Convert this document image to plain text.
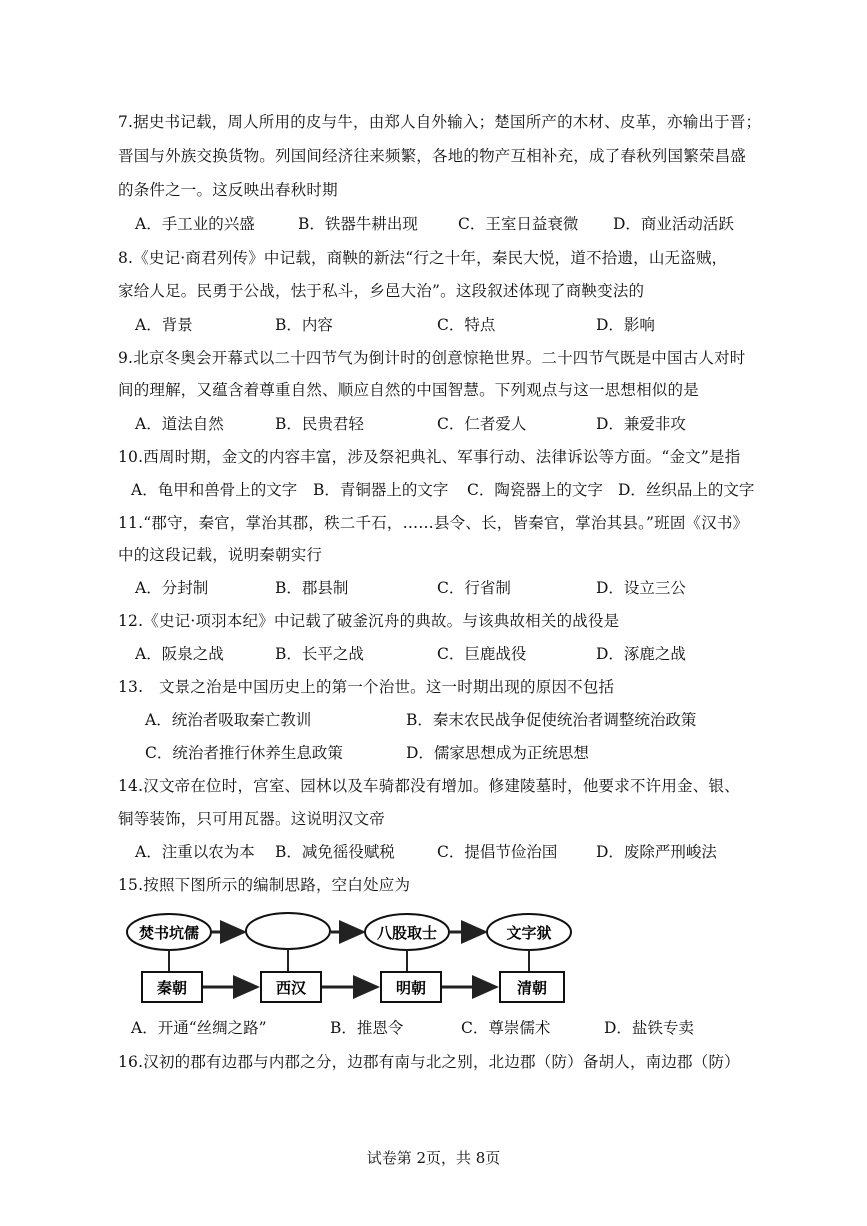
7.据史书记载，周人所用的皮与牛，由郑人自外输入；楚国所产的木材、皮革，亦输出于晋；
晋国与外族交换货物。列国间经济往来频繁，各地的物产互相补充，成了春秋列国繁荣昌盛
的条件之一。这反映出春秋时期
A．手工业的兴盛	B．铁器牛耕出现	C．王室日益衰微 D．商业活动活跃
8.《史记·商君列传》中记载，商鞅的新法“行之十年，秦民大悦，道不拾遗，山无盗贼，
家给人足。民勇于公战，怯于私斗，乡邑大治”。这段叙述体现了商鞅变法的
A．背景	B．内容	C．特点	D．影响
9.北京冬奥会开幕式以二十四节气为倒计时的创意惊艳世界。二十四节气既是中国古人对时
间的理解，又蕴含着尊重自然、顺应自然的中国智慧。下列观点与这一思想相似的是
A．道法自然	B．民贵君轻	C．仁者爱人	D．兼爱非攻
10.西周时期，金文的内容丰富，涉及祭祀典礼、军事行动、法律诉讼等方面。“金文”是指
A．龟甲和兽骨上的文字 B．青铜器上的文字 C．陶瓷器上的文字 D．丝织品上的文字
11.“郡守，秦官，掌治其郡，秩二千石，……县令、长，皆秦官，掌治其县。”班固《汉书》
中的这段记载，说明秦朝实行
A．分封制	B．郡县制	C．行省制	D．设立三公
12.《史记·项羽本纪》中记载了破釜沉舟的典故。与该典故相关的战役是
A．阪泉之战	B．长平之战	C．巨鹿战役	D．涿鹿之战
13.　文景之治是中国历史上的第一个治世。这一时期出现的原因不包括
A．统治者吸取秦亡教训	B．秦末农民战争促使统治者调整统治政策
C．统治者推行休养生息政策	D．儒家思想成为正统思想
14.汉文帝在位时，宫室、园林以及车骑都没有增加。修建陵墓时，他要求不许用金、银、
铜等装饰，只可用瓦器。这说明汉文帝
A．注重以农为本 B．减免徭役赋税	C．提倡节俭治国 D．废除严刑峻法
15.按照下图所示的编制思路，空白处应为
焚书坑儒	八股取士	文字狱
秦朝	西汉	明朝	清朝
A．开通“丝绸之路”	B．推恩令	C．尊崇儒术	D．盐铁专卖
16.汉初的郡有边郡与内郡之分，边郡有南与北之别，北边郡（防）备胡人，南边郡（防）
试卷第 2页，共 8页
